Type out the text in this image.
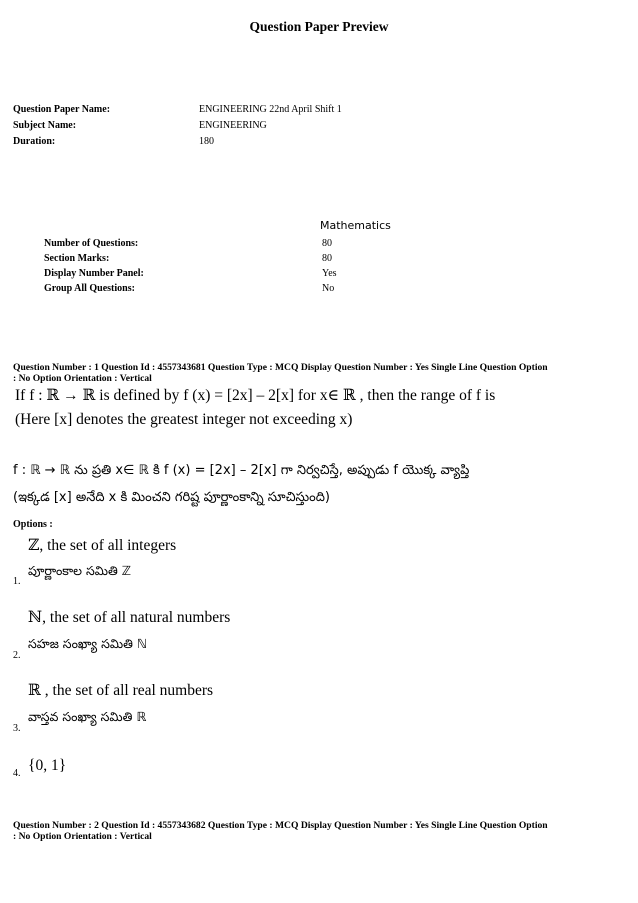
Question Paper Preview
Question Paper Name:	ENGINEERING 22nd April Shift 1
Subject Name:	ENGINEERING
Duration:	180
Mathematics
Number of Questions:	80
Section Marks:	80
Display Number Panel:	Yes
Group All Questions:	No
Question Number : 1 Question Id : 4557343681 Question Type : MCQ Display Question Number : Yes Single Line Question Option
: No Option Orientation : Vertical
If f : ℝ → ℝ is defined by f (x) = [2x] – 2[x] for x∈ ℝ , then the range of f is
(Here [x] denotes the greatest integer not exceeding x)
f : ℝ → ℝ ను ప్రతి x∈ ℝ కి f (x) = [2x] – 2[x] గా నిర్వచిస్తే, అప్పుడు f యొక్క వ్యాప్తి
(ఇక్కడ [x] అనేది x కి మించని గరిష్ట పూర్ణాంకాన్ని సూచిస్తుంది)
Options :
ℤ, the set of all integers
పూర్ణాంకాల సమితి ℤ
1.
ℕ, the set of all natural numbers
సహజ సంఖ్యా సమితి ℕ
2.
ℝ , the set of all real numbers
వాస్తవ సంఖ్యా సమితి ℝ
3.
{0, 1}
4.
Question Number : 2 Question Id : 4557343682 Question Type : MCQ Display Question Number : Yes Single Line Question Option
: No Option Orientation : Vertical
